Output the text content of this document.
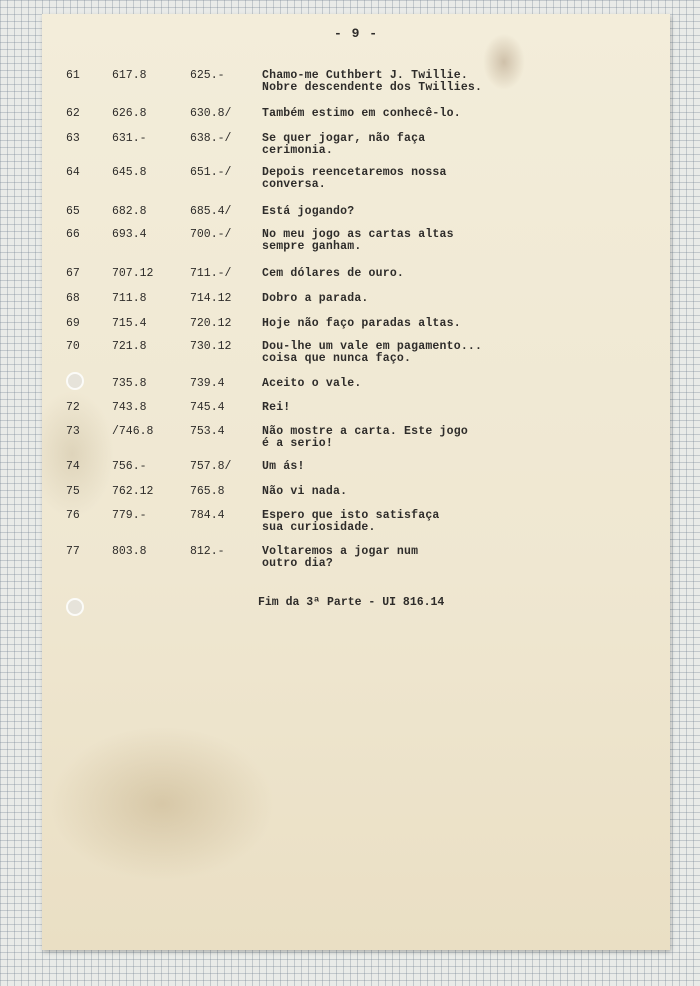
- 9 -
61	617.8	625.-	Chamo-me Cuthbert J. Twillie.
Nobre descendente dos Twillies.
62	626.8	630.8/	Também estimo em conhecê-lo.
63	631.-	638.-/	Se quer jogar, não faça
cerimonia.
64	645.8	651.-/	Depois reencetaremos nossa
conversa.
65	682.8	685.4/	Está jogando?
66	693.4	700.-/	No meu jogo as cartas altas
sempre ganham.
67	707.12	711.-/	Cem dólares de ouro.
68	711.8	714.12	Dobro a parada.
69	715.4	720.12	Hoje não faço paradas altas.
70	721.8	730.12	Dou-lhe um vale em pagamento...
coisa que nunca faço.
735.8	739.4	Aceito o vale.
72	743.8	745.4	Rei!
73	/746.8	753.4	Não mostre a carta. Este jogo
é a serio!
74	756.-	757.8/	Um ás!
75	762.12	765.8	Não vi nada.
76	779.-	784.4	Espero que isto satisfaça
sua curiosidade.
77	803.8	812.-	Voltaremos a jogar num
outro dia?
Fim da 3ª Parte - UI 816.14
